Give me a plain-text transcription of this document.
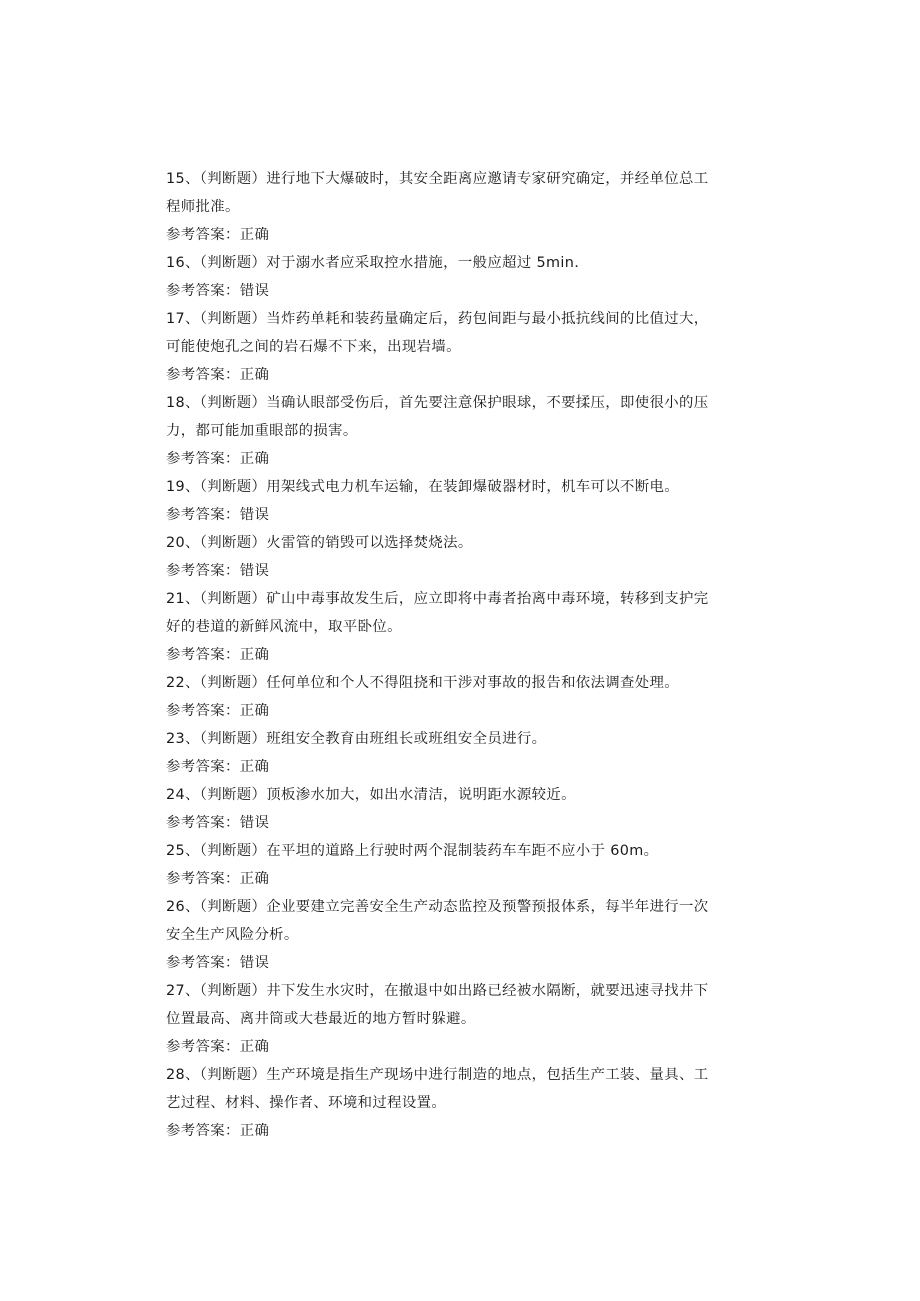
15、（判断题）进行地下大爆破时，其安全距离应邀请专家研究确定，并经单位总工
程师批准。
参考答案：正确
16、（判断题）对于溺水者应采取控水措施，一般应超过 5min.
参考答案：错误
17、（判断题）当炸药单耗和装药量确定后，药包间距与最小抵抗线间的比值过大，
可能使炮孔之间的岩石爆不下来，出现岩墙。
参考答案：正确
18、（判断题）当确认眼部受伤后，首先要注意保护眼球，不要揉压，即使很小的压
力，都可能加重眼部的损害。
参考答案：正确
19、（判断题）用架线式电力机车运输，在装卸爆破器材时，机车可以不断电。
参考答案：错误
20、（判断题）火雷管的销毁可以选择焚烧法。
参考答案：错误
21、（判断题）矿山中毒事故发生后，应立即将中毒者抬离中毒环境，转移到支护完
好的巷道的新鲜风流中，取平卧位。
参考答案：正确
22、（判断题）任何单位和个人不得阻挠和干涉对事故的报告和依法调查处理。
参考答案：正确
23、（判断题）班组安全教育由班组长或班组安全员进行。
参考答案：正确
24、（判断题）顶板渗水加大，如出水清洁，说明距水源较近。
参考答案：错误
25、（判断题）在平坦的道路上行驶时两个混制装药车车距不应小于 60m。
参考答案：正确
26、（判断题）企业要建立完善安全生产动态监控及预警预报体系，每半年进行一次
安全生产风险分析。
参考答案：错误
27、（判断题）井下发生水灾时，在撤退中如出路已经被水隔断，就要迅速寻找井下
位置最高、离井筒或大巷最近的地方暂时躲避。
参考答案：正确
28、（判断题）生产环境是指生产现场中进行制造的地点，包括生产工装、量具、工
艺过程、材料、操作者、环境和过程设置。
参考答案：正确
